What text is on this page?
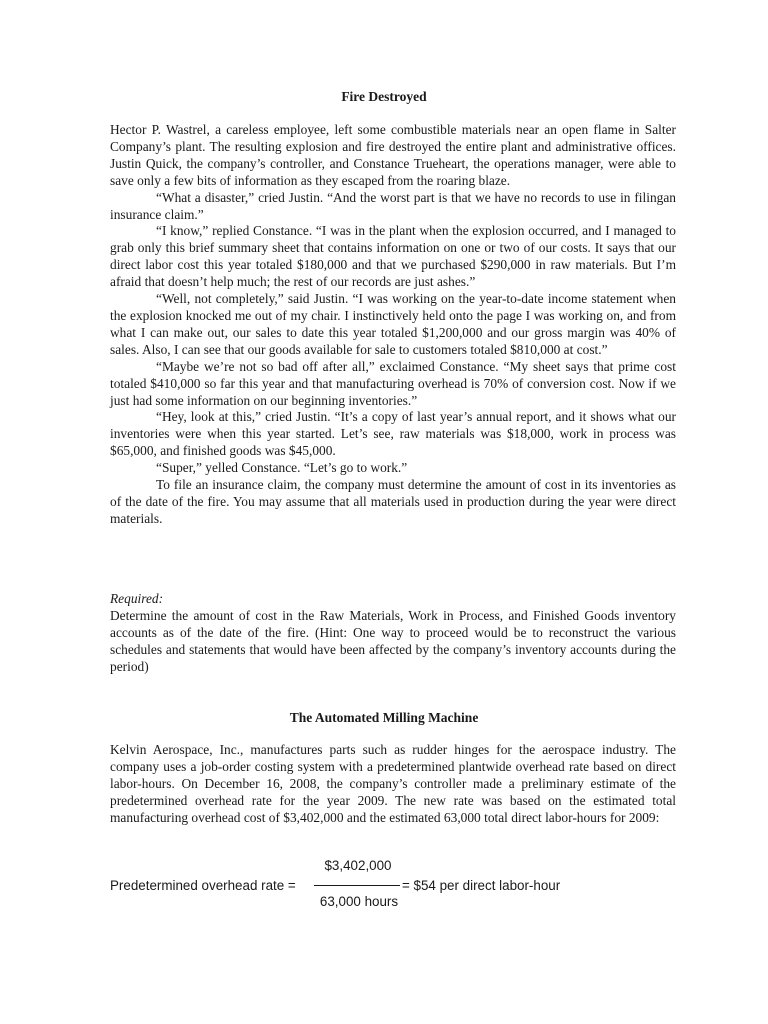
Fire Destroyed

Hector P. Wastrel, a careless employee, left some combustible materials near an open flame in Salter Company’s plant. The resulting explosion and fire destroyed the entire plant and administrative offices. Justin Quick, the company’s controller, and Constance Trueheart, the operations manager, were able to save only a few bits of information as they escaped from the roaring blaze.

“What a disaster,” cried Justin. “And the worst part is that we have no records to use in filingan insurance claim.”

“I know,” replied Constance. “I was in the plant when the explosion occurred, and I managed to grab only this brief summary sheet that contains information on one or two of our costs. It says that our direct labor cost this year totaled $180,000 and that we purchased $290,000 in raw materials. But I’m afraid that doesn’t help much; the rest of our records are just ashes.”

“Well, not completely,” said Justin. “I was working on the year-to-date income statement when the explosion knocked me out of my chair. I instinctively held onto the page I was working on, and from what I can make out, our sales to date this year totaled $1,200,000 and our gross margin was 40% of sales. Also, I can see that our goods available for sale to customers totaled $810,000 at cost.”

“Maybe we’re not so bad off after all,” exclaimed Constance. “My sheet says that prime cost totaled $410,000 so far this year and that manufacturing overhead is 70% of conversion cost. Now if we just had some information on our beginning inventories.”

“Hey, look at this,” cried Justin. “It’s a copy of last year’s annual report, and it shows what our inventories were when this year started. Let’s see, raw materials was $18,000, work in process was $65,000, and finished goods was $45,000.

“Super,” yelled Constance. “Let’s go to work.”

To file an insurance claim, the company must determine the amount of cost in its inventories as of the date of the fire. You may assume that all materials used in production during the year were direct materials.

Required:

Determine the amount of cost in the Raw Materials, Work in Process, and Finished Goods inventory accounts as of the date of the fire. (Hint: One way to proceed would be to reconstruct the various schedules and statements that would have been affected by the company’s inventory accounts during the period)

The Automated Milling Machine

Kelvin Aerospace, Inc., manufactures parts such as rudder hinges for the aerospace industry. The company uses a job-order costing system with a predetermined plantwide overhead rate based on direct labor-hours. On December 16, 2008, the company’s controller made a preliminary estimate of the predetermined overhead rate for the year 2009. The new rate was based on the estimated total manufacturing overhead cost of $3,402,000 and the estimated 63,000 total direct labor-hours for 2009:

Predetermined overhead rate =
$3,402,000
= $54 per direct labor-hour
63,000 hours
